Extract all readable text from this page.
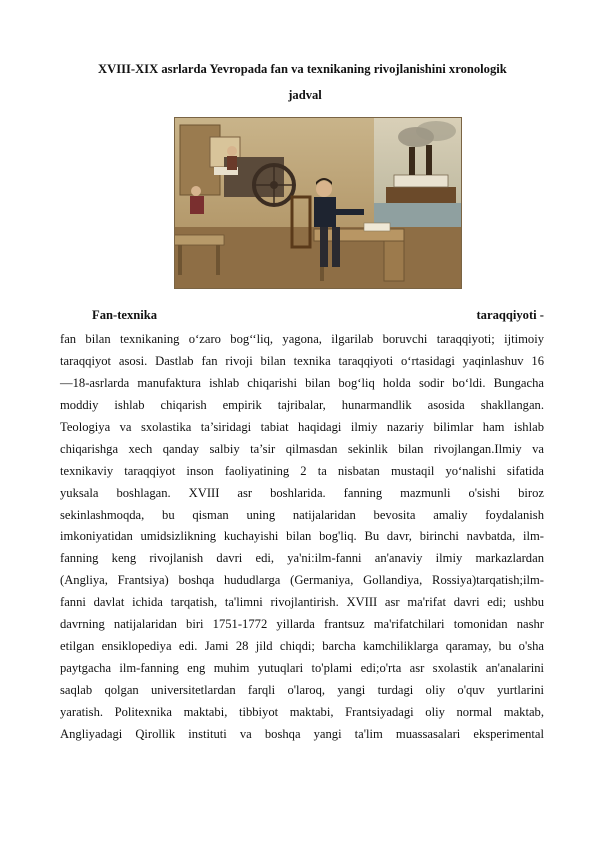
XVIII-XIX asrlarda Yevropada fan va texnikaning rivojlanishini xronologik
jadval
Fan-texnika	taraqqiyoti -
fan bilan texnikaning o‘zaro bog‘‘liq, yagona, ilgarilab boruvchi taraqqiyoti; ijtimoiy
taraqqiyot asosi. Dastlab fan rivoji bilan texnika taraqqiyoti o‘rtasidagi yaqinlashuv 16
—18-asrlarda manufaktura ishlab chiqarishi bilan bog‘liq holda sodir bo‘ldi. Bungacha
moddiy ishlab chiqarish empirik tajribalar, hunarmandlik asosida shakllangan.
Teologiya va sxolastika ta’siridagi tabiat haqidagi ilmiy nazariy bilimlar ham ishlab
chiqarishga xech qanday salbiy ta’sir qilmasdan sekinlik bilan rivojlangan.Ilmiy va
texnikaviy taraqqiyot inson faoliyatining 2 ta nisbatan mustaqil yo‘nalishi sifatida
yuksala boshlagan. XVIII asr boshlarida. fanning mazmunli o'sishi biroz
sekinlashmoqda, bu qisman uning natijalaridan bevosita amaliy foydalanish
imkoniyatidan umidsizlikning kuchayishi bilan bog'liq. Bu davr, birinchi navbatda, ilm-
fanning keng rivojlanish davri edi, ya'ni:ilm-fanni an'anaviy ilmiy markazlardan
(Angliya, Frantsiya) boshqa hududlarga (Germaniya, Gollandiya, Rossiya)tarqatish;ilm-
fanni davlat ichida tarqatish, ta'limni rivojlantirish. XVIII asr ma'rifat davri edi; ushbu
davrning natijalaridan biri 1751-1772 yillarda frantsuz ma'rifatchilari tomonidan nashr
etilgan ensiklopediya edi. Jami 28 jild chiqdi; barcha kamchiliklarga qaramay, bu o'sha
paytgacha ilm-fanning eng muhim yutuqlari to'plami edi;o'rta asr sxolastik an'analarini
saqlab qolgan universitetlardan farqli o'laroq, yangi turdagi oliy o'quv yurtlarini
yaratish. Politexnika maktabi, tibbiyot maktabi, Frantsiyadagi oliy normal maktab,
Angliyadagi Qirollik instituti va boshqa yangi ta'lim muassasalari eksperimental
